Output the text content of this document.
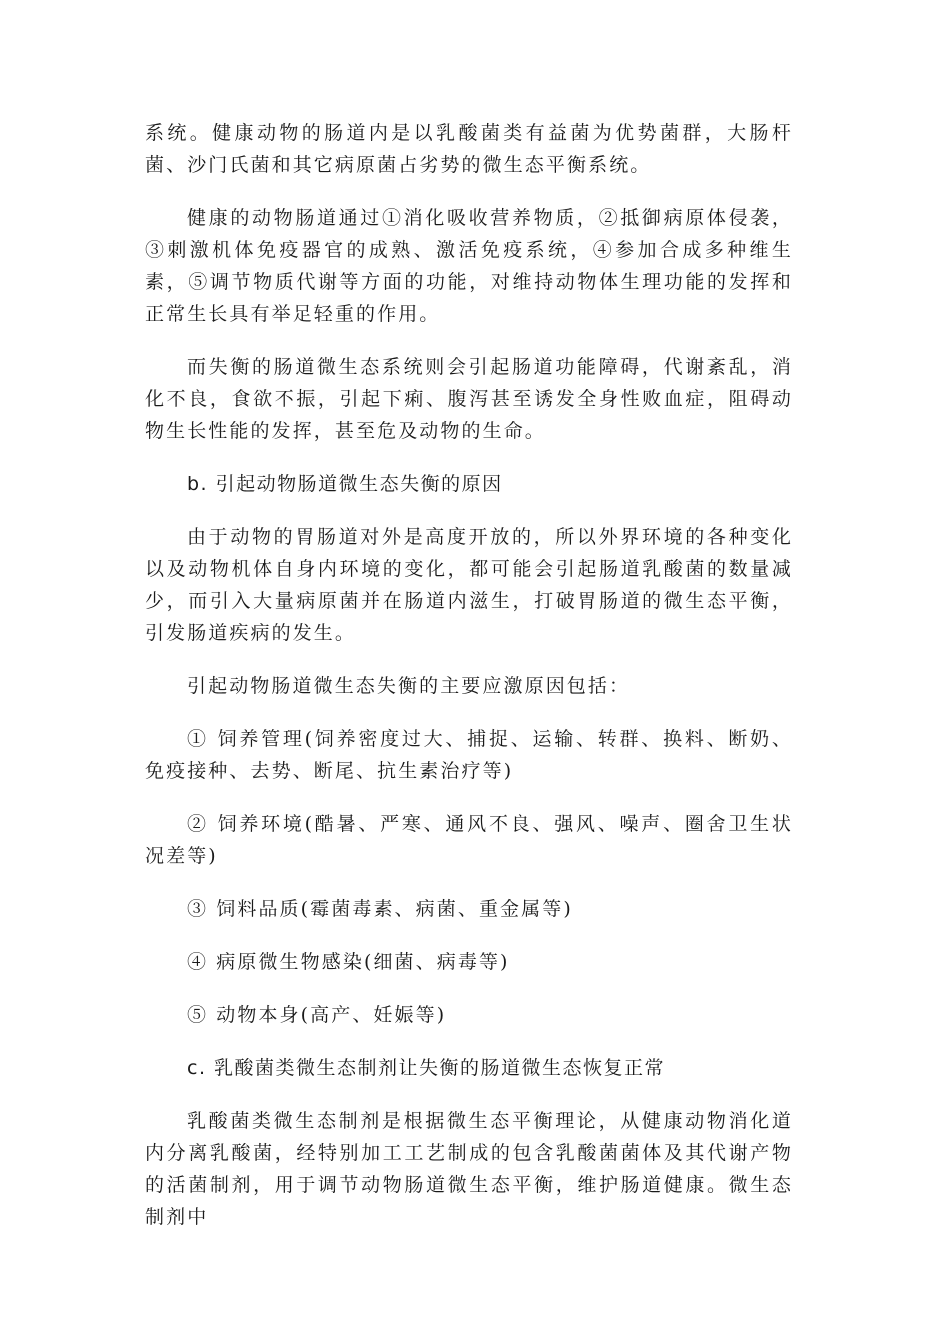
系统。健康动物的肠道内是以乳酸菌类有益菌为优势菌群，大肠杆菌、沙门氏菌和其它病原菌占劣势的微生态平衡系统。

健康的动物肠道通过①消化吸收营养物质，②抵御病原体侵袭，③刺激机体免疫器官的成熟、激活免疫系统，④参加合成多种维生素，⑤调节物质代谢等方面的功能，对维持动物体生理功能的发挥和正常生长具有举足轻重的作用。

而失衡的肠道微生态系统则会引起肠道功能障碍，代谢紊乱，消化不良，食欲不振，引起下痢、腹泻甚至诱发全身性败血症，阻碍动物生长性能的发挥，甚至危及动物的生命。

b. 引起动物肠道微生态失衡的原因

由于动物的胃肠道对外是高度开放的，所以外界环境的各种变化以及动物机体自身内环境的变化，都可能会引起肠道乳酸菌的数量减少，而引入大量病原菌并在肠道内滋生，打破胃肠道的微生态平衡，引发肠道疾病的发生。

引起动物肠道微生态失衡的主要应激原因包括：

① 饲养管理(饲养密度过大、捕捉、运输、转群、换料、断奶、免疫接种、去势、断尾、抗生素治疗等)

② 饲养环境(酷暑、严寒、通风不良、强风、噪声、圈舍卫生状况差等)

③ 饲料品质(霉菌毒素、病菌、重金属等)

④ 病原微生物感染(细菌、病毒等)

⑤ 动物本身(高产、妊娠等)

c. 乳酸菌类微生态制剂让失衡的肠道微生态恢复正常

乳酸菌类微生态制剂是根据微生态平衡理论，从健康动物消化道内分离乳酸菌，经特别加工工艺制成的包含乳酸菌菌体及其代谢产物的活菌制剂，用于调节动物肠道微生态平衡，维护肠道健康。微生态制剂中
